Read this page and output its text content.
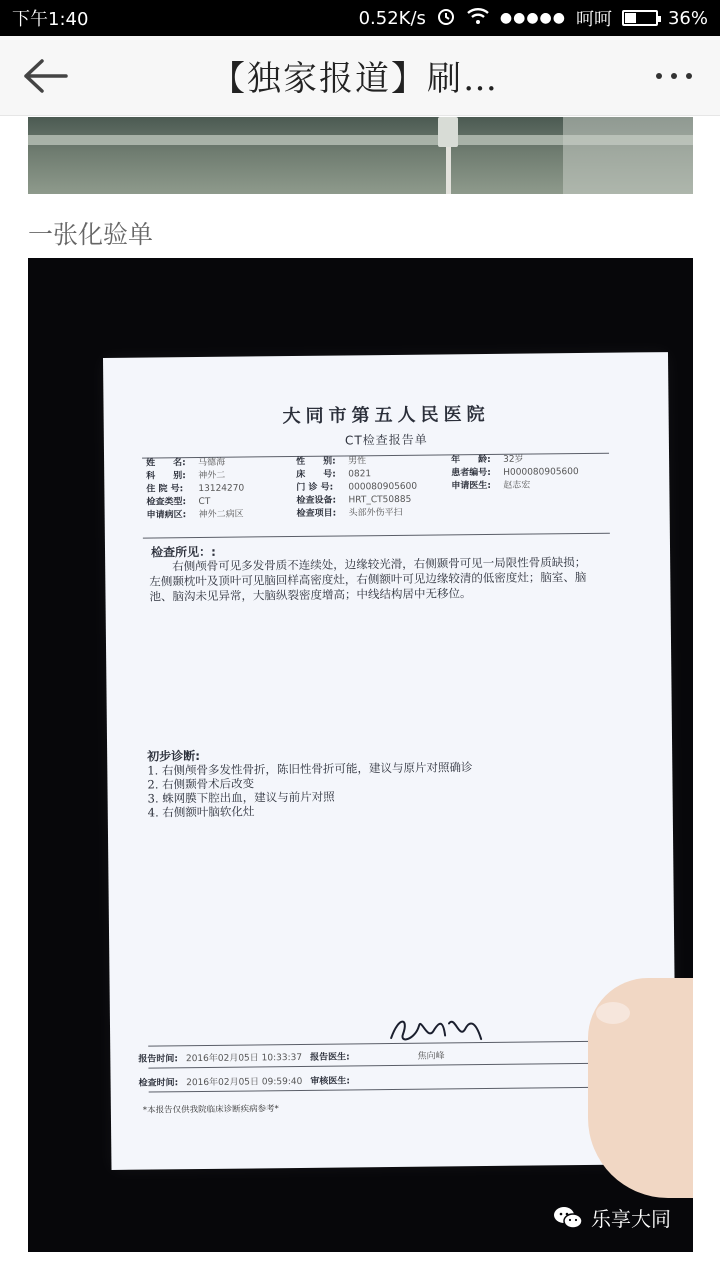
下午1:40	0.52K/s	●●●●● 呵呵	36%
【独家报道】刷…
一张化验单
大同市第五人民医院
CT检查报告单
姓　　名:	马德海	性　　别:	男性	年　　龄:	32岁
科　　别:	神外二	床　　号:	0821	患者编号:	H000080905600
住 院 号:	13124270	门 诊 号:	000080905600	申请医生:	赵志宏
检查类型:	CT	检查设备:	HRT_CT50885
申请病区:	神外二病区	检查项目:	头部外伤平扫
检查所见：:
右侧颅骨可见多发骨质不连续处，边缘较光滑，右侧颞骨可见一局限性骨质缺损；左侧颞枕叶及顶叶可见脑回样高密度灶，右侧额叶可见边缘较清的低密度灶；脑室、脑池、脑沟未见异常，大脑纵裂密度增高；中线结构居中无移位。
初步诊断:
1. 右侧颅骨多发性骨折，陈旧性骨折可能，建议与原片对照确诊
2. 右侧颞骨术后改变
3. 蛛网膜下腔出血，建议与前片对照
4. 右侧额叶脑软化灶
报告时间: 2016年02月05日 10:33:37 报告医生:	焦向峰
检查时间: 2016年02月05日 09:59:40 审核医生:
*本报告仅供我院临床诊断疾病参考*
乐享大同
